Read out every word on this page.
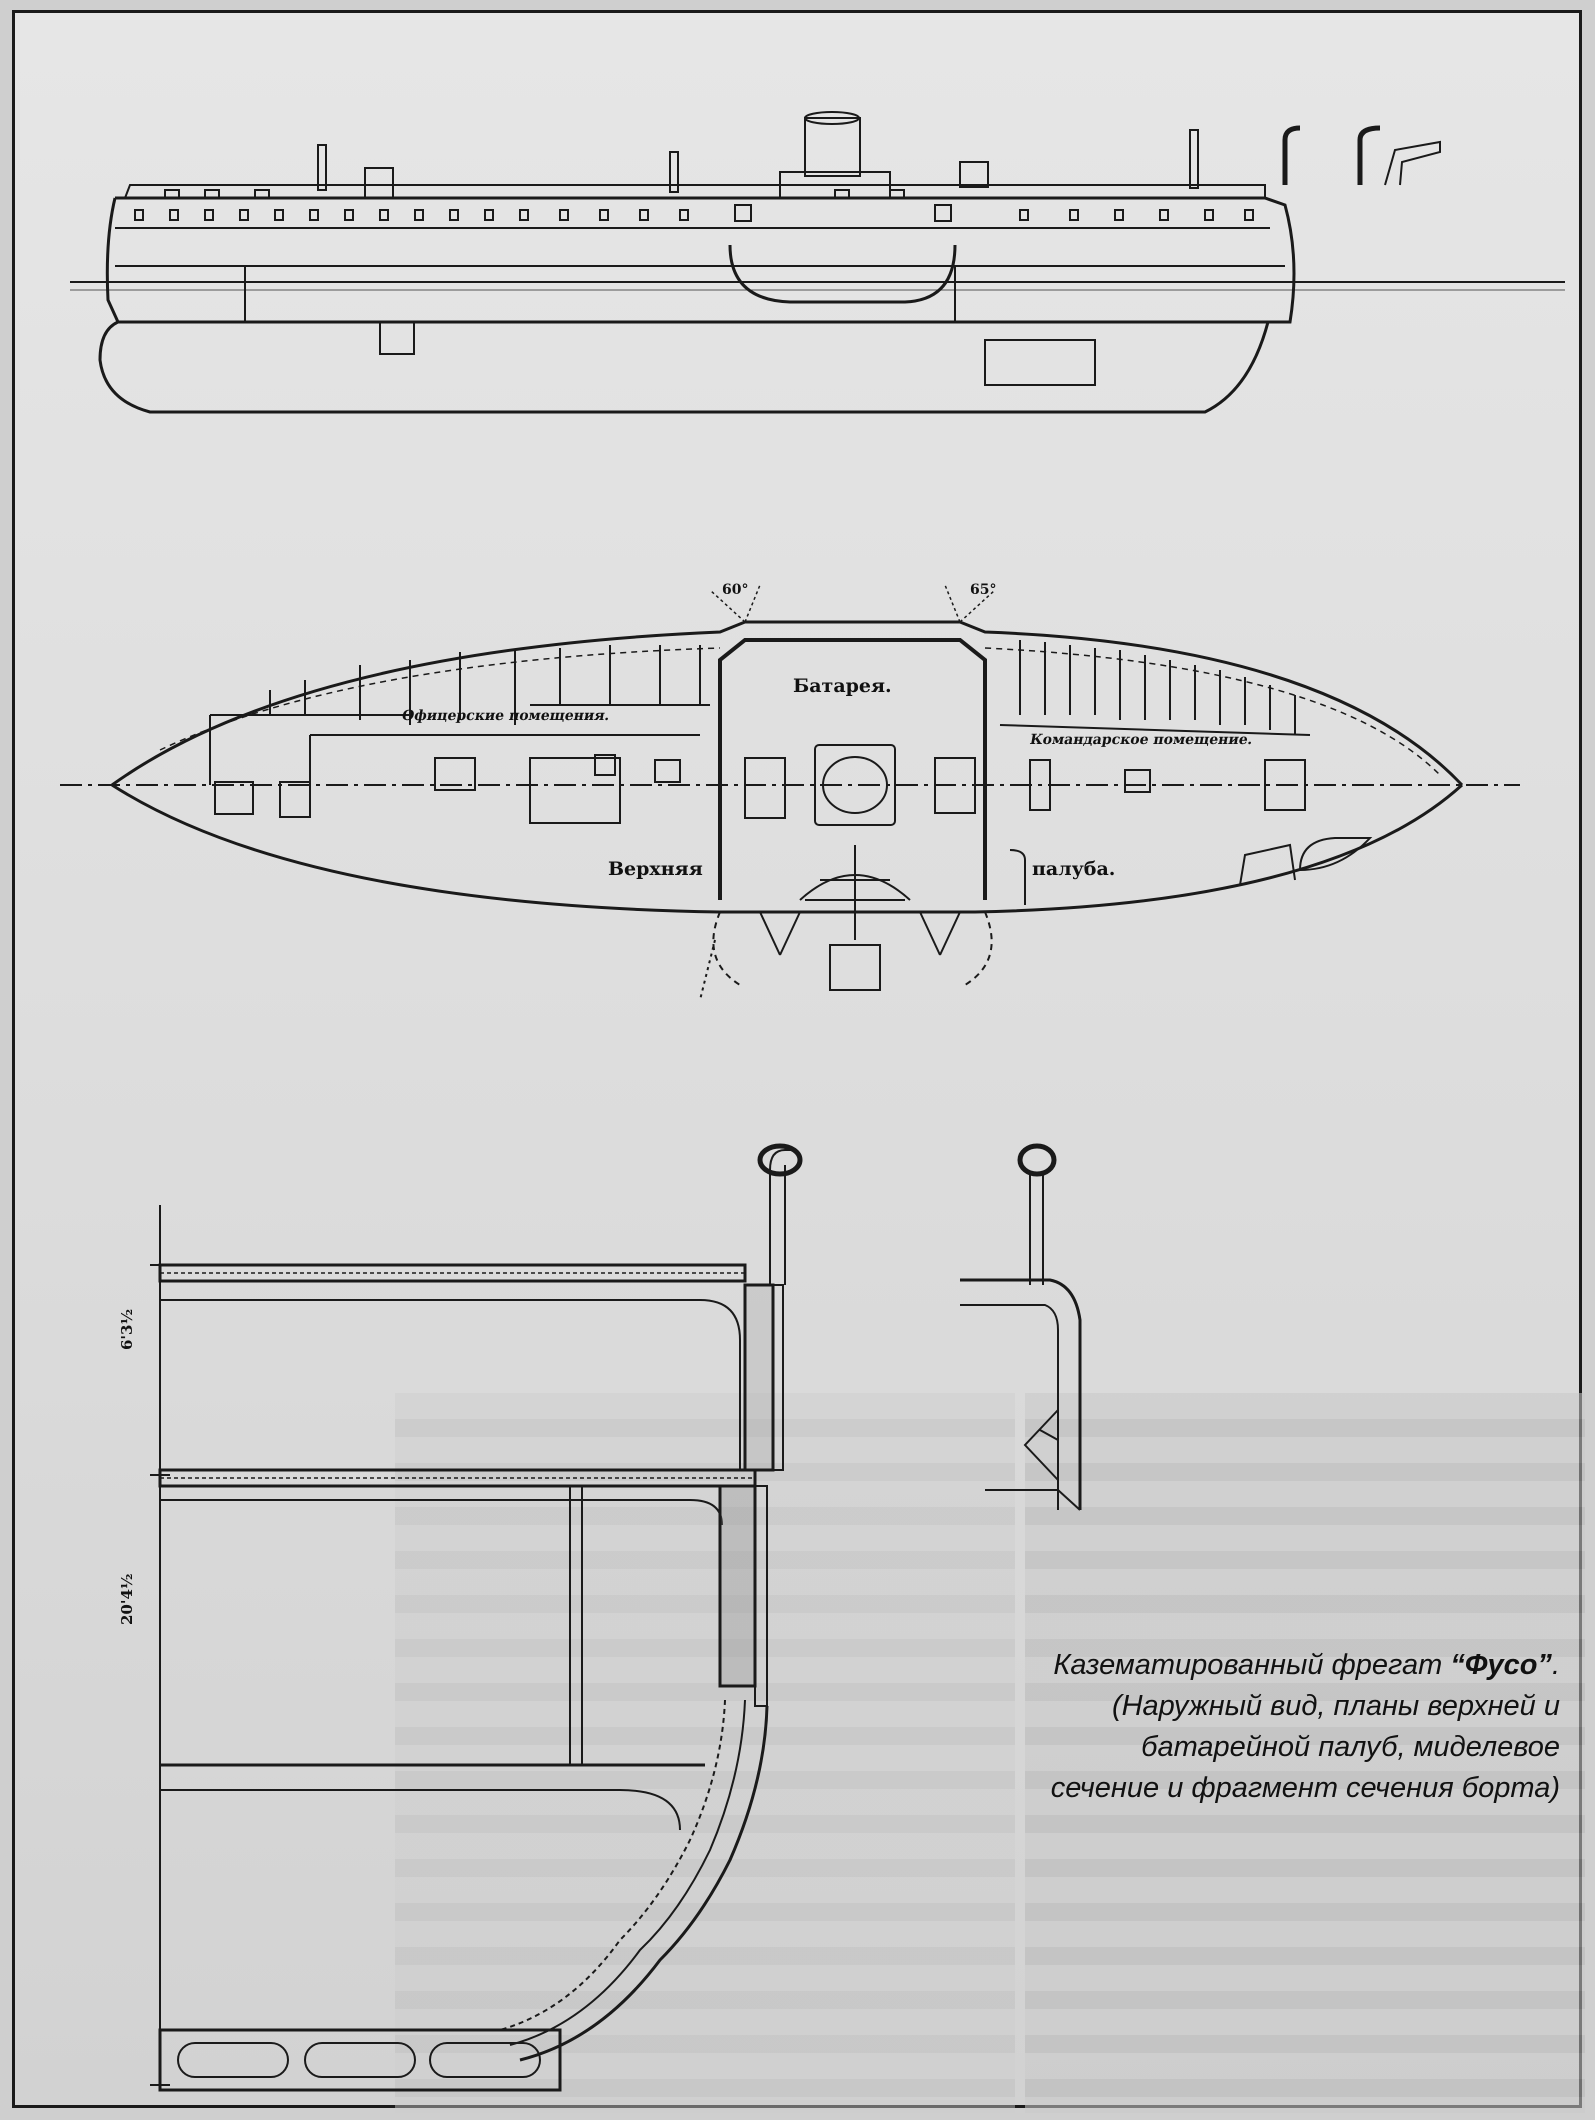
60°	65°
Батарея.
Офицерские помещения.
Командарское помещение.
Верхняя	палуба.
6'3½
20'4½
Казематированный фрегат “Фусо”.
(Наружный вид, планы верхней и
батарейной палуб, миделевое
сечение и фрагмент сечения борта)
